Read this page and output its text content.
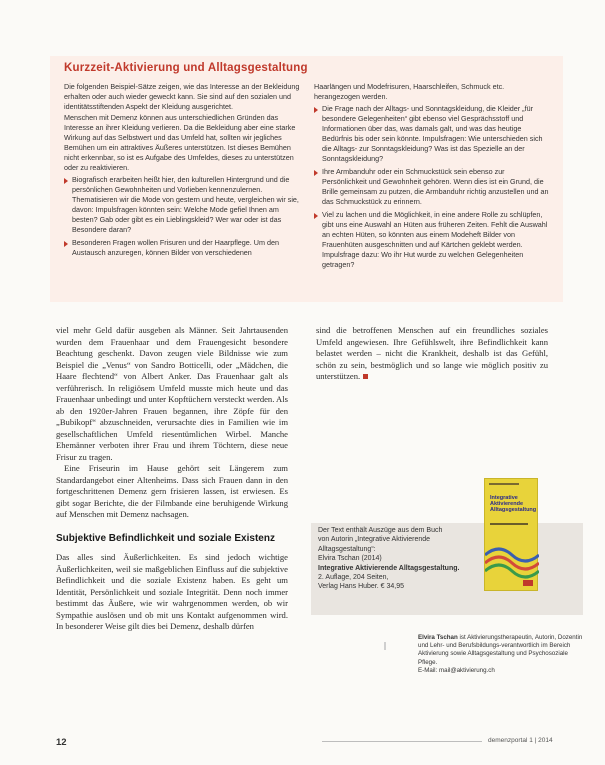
Kurzzeit-Aktivierung und Alltagsgestaltung

Die folgenden Beispiel-Sätze zeigen, wie das Interesse an der Bekleidung erhalten oder auch wieder geweckt kann. Sie sind auf den sozialen und identitätsstiftenden Aspekt der Kleidung ausgerichtet.

Menschen mit Demenz können aus unterschiedlichen Gründen das Interesse an ihrer Kleidung verlieren. Da die Bekleidung aber eine starke Wirkung auf das Selbstwert und das Umfeld hat, sollten wir jegliches Bemühen um ein attraktives Äußeres unterstützen. Ist dieses Bemühen nicht erkennbar, so ist es Aufgabe des Umfeldes, dieses zu unterstützen oder zu reaktivieren.

Biografisch erarbeiten heißt hier, den kulturellen Hintergrund und die persönlichen Gewohnheiten und Vorlieben kennenzulernen. Thematisieren wir die Mode von gestern und heute, vergleichen wir sie, davon: Impulsfragen könnten sein: Welche Mode gefiel Ihnen am besten? Gab oder gibt es ein Lieblingskleid? Wer war oder ist das Besondere daran?
Besonderen Fragen wollen Frisuren und der Haarpflege. Um den Austausch anzuregen, können Bilder von verschiedenen

Haarlängen und Modefrisuren, Haarschleifen, Schmuck etc. herangezogen werden.

Die Frage nach der Alltags- und Sonntagskleidung, die Kleider „für besondere Gelegenheiten“ gibt ebenso viel Gesprächsstoff und Informationen über das, was damals galt, und was das heutige Bedürfnis bis oder sein könnte. Impulsfragen: Wie unterschieden sich die Alltags- zur Sonntagskleidung? Was ist das Spezielle an der Sonntagskleidung?
Ihre Armbanduhr oder ein Schmuckstück sein ebenso zur Persönlichkeit und Gewohnheit gehören. Wenn dies ist ein Grund, die Brille gemeinsam zu putzen, die Armbanduhr richtig anzustellen und an das Schmuckstück zu erinnern.
Viel zu lachen und die Möglichkeit, in eine andere Rolle zu schlüpfen, gibt uns eine Auswahl an Hüten aus früheren Zeiten. Fehlt die Auswahl an echten Hüten, so könnten aus einem Modeheft Bilder von Frauenhüten ausgeschnitten und auf Kärtchen geklebt werden. Impulsfrage dazu: Wo ihr Hut wurde zu welchen Gelegenheiten getragen?

viel mehr Geld dafür ausgeben als Männer. Seit Jahrtausenden wurden dem Frauenhaar und dem Frauengesicht besondere Beachtung geschenkt. Davon zeugen viele Bildnisse wie zum Beispiel die „Venus“ von Sandro Botticelli, oder „Mädchen, die Haare flechtend“ von Albert Anker. Das Frauenhaar galt als verführerisch. In religiösem Umfeld musste mich heute und das Frauenhaar unbedingt und unter Kopftüchern versteckt werden. Als ab den 1920er-Jahren Frauen begannen, ihre Zöpfe für den „Bubikopf“ abzuschneiden, verursachte dies in Familien wie im gesellschaftlichen Umfeld riesentümlichen Wirbel. Manche Ehemänner verboten ihrer Frau und ihrem Töchtern, diese neue Frisur zu tragen.

Eine Friseurin im Hause gehört seit Längerem zum Standardangebot einer Altenheims. Dass sich Frauen dann in den fortgeschrittenen Demenz gern frisieren lassen, ist erwiesen. Es gibt sogar Berichte, die der Filmbande eine beruhigende Wirkung auf Menschen mit Demenz nachsagen.

Subjektive Befindlichkeit und soziale Existenz

Das alles sind Äußerlichkeiten. Es sind jedoch wichtige Äußerlichkeiten, weil sie maßgeblichen Einfluss auf die subjektive Befindlichkeit und die soziale Existenz haben. Es geht um Identität, Persönlichkeit und soziale Integrität. Denn noch immer bestimmt das Äußere, wie wir wahrgenommen werden, ob wir Sympathie auslösen und ob mit uns Kontakt aufgenommen wird. In besonderer Weise gilt dies bei Demenz, deshalb dürfen

sind die betroffenen Menschen auf ein freundliches soziales Umfeld angewiesen. Ihre Gefühlswelt, ihre Befindlichkeit kann belastet werden – nicht die Krankheit, deshalb ist das Gefühl, schön zu sein, bestmöglich und so lange wie möglich positiv zu unterstützen.

Der Text enthält Auszüge aus dem Buch

von Autorin „Integrative Aktivierende

Alltagsgestaltung“:

Elvira Tschan (2014)

Integrative Aktivierende Alltagsgestaltung.

2. Auflage, 204 Seiten,

Verlag Hans Huber. € 34,95

Integrative Aktivierende Alltagsgestaltung

Elvira Tschan ist Aktivierungstherapeutin, Autorin, Dozentin und Lehr- und Berufsbildungs-verantwortlich im Bereich Aktivierung sowie Alltagsgestaltung und Psychosoziale Pflege.

E-Mail: mail@aktivierung.ch

12	demenzportal 1 | 2014
